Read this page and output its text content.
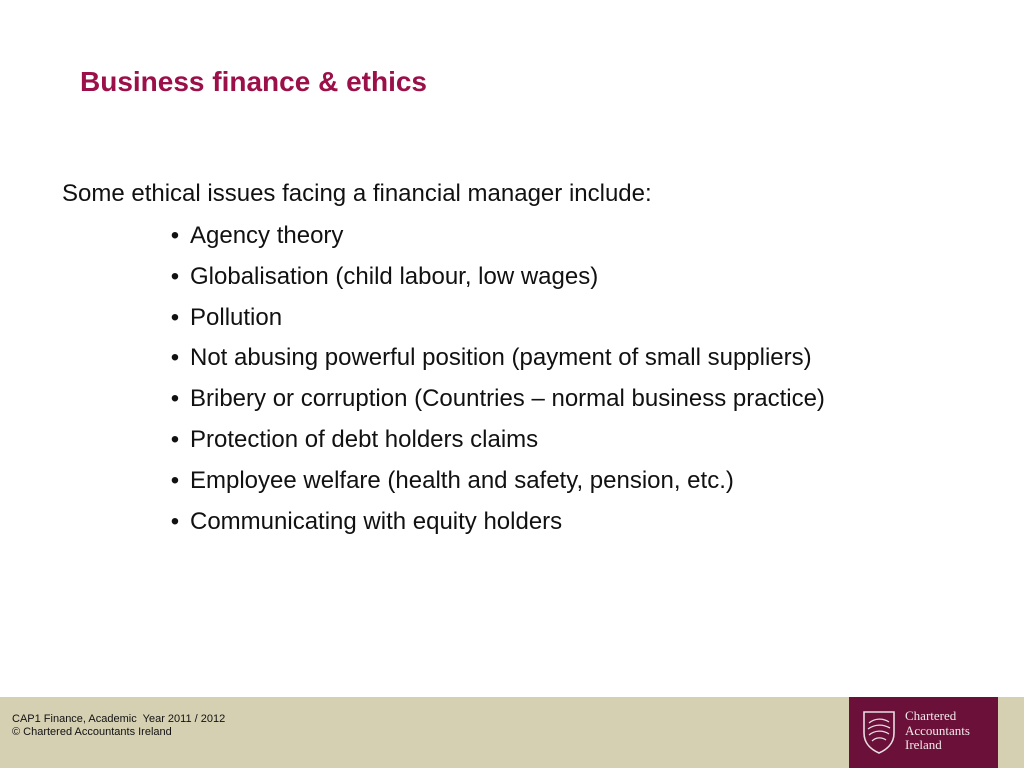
Business finance & ethics

Some ethical issues facing a financial manager include:

• Agency theory
• Globalisation (child labour, low wages)
• Pollution
• Not abusing powerful position (payment of small suppliers)
• Bribery or corruption (Countries – normal business practice)
• Protection of debt holders claims
• Employee welfare (health and safety, pension, etc.)
• Communicating with equity holders
CAP1 Finance, Academic  Year 2011 / 2012
© Chartered Accountants Ireland
Chartered
Accountants
Ireland
